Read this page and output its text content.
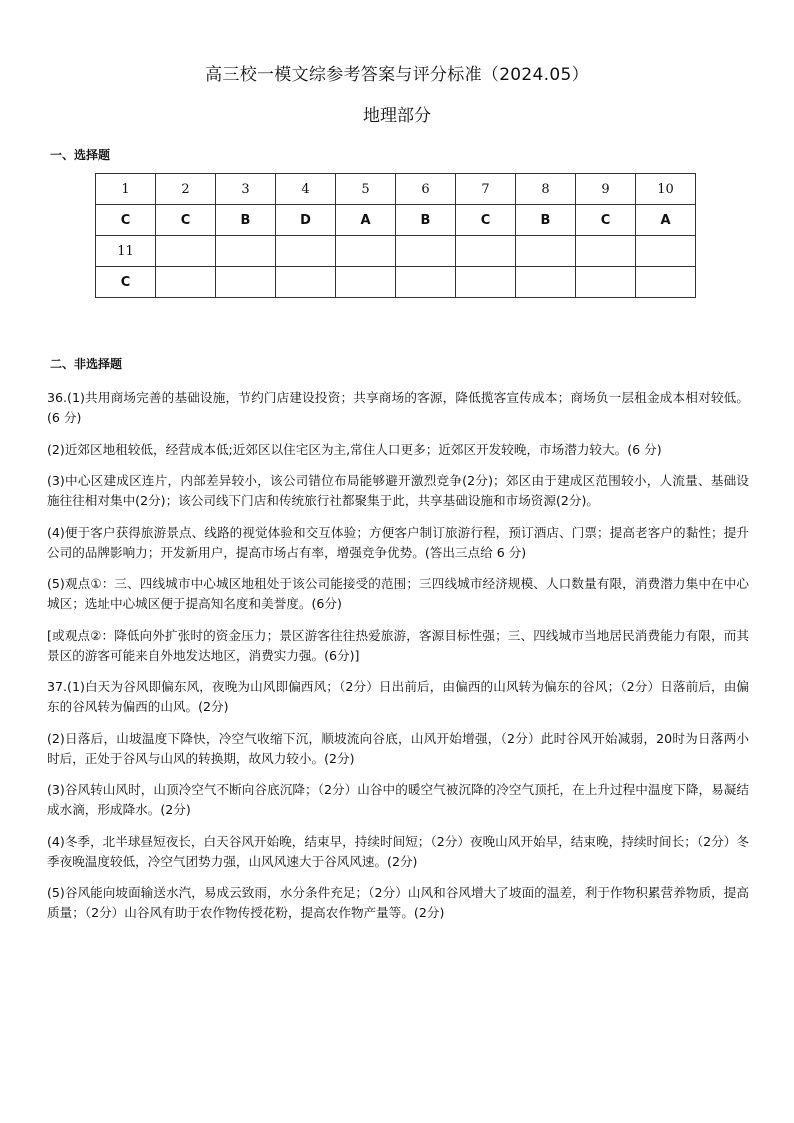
高三校一模文综参考答案与评分标准（2024.05）
地理部分
一、选择题
1	2	3	4	5	6	7	8	9	10
C	C	B	D	A	B	C	B	C	A
11									
C									
二、非选择题

36.(1)共用商场完善的基础设施，节约门店建设投资；共享商场的客源，降低揽客宣传成本；商场负一层租金成本相对较低。(6 分)

(2)近郊区地租较低，经营成本低;近郊区以住宅区为主,常住人口更多；近郊区开发较晚，市场潜力较大。(6 分)

(3)中心区建成区连片，内部差异较小，该公司错位布局能够避开激烈竞争(2分)；郊区由于建成区范围较小，人流量、基础设施往往相对集中(2分)；该公司线下门店和传统旅行社都聚集于此，共享基础设施和市场资源(2分)。

(4)便于客户获得旅游景点、线路的视觉体验和交互体验；方便客户制订旅游行程，预订酒店、门票；提高老客户的黏性；提升公司的品牌影响力；开发新用户，提高市场占有率，增强竞争优势。(答出三点给 6 分)

(5)观点①：三、四线城市中心城区地租处于该公司能接受的范围；三四线城市经济规模、人口数量有限，消费潜力集中在中心城区；选址中心城区便于提高知名度和美誉度。(6分)

[或观点②：降低向外扩张时的资金压力；景区游客往往热爱旅游，客源目标性强；三、四线城市当地居民消费能力有限，而其景区的游客可能来自外地发达地区，消费实力强。(6分)]

37.(1)白天为谷风即偏东风，夜晚为山风即偏西风；（2分）日出前后，由偏西的山风转为偏东的谷风；（2分）日落前后，由偏东的谷风转为偏西的山风。(2分)

(2)日落后，山坡温度下降快，冷空气收缩下沉，顺坡流向谷底，山风开始增强，（2分）此时谷风开始减弱，20时为日落两小时后，正处于谷风与山风的转换期，故风力较小。(2分)

(3)谷风转山风时，山顶冷空气不断向谷底沉降；（2分）山谷中的暖空气被沉降的冷空气顶托，在上升过程中温度下降，易凝结成水滴，形成降水。(2分)

(4)冬季，北半球昼短夜长，白天谷风开始晚，结束早，持续时间短；（2分）夜晚山风开始早，结束晚，持续时间长；（2分）冬季夜晚温度较低，冷空气团势力强，山风风速大于谷风风速。(2分)

(5)谷风能向坡面输送水汽，易成云致雨，水分条件充足；（2分）山风和谷风增大了坡面的温差，利于作物积累营养物质，提高质量；（2分）山谷风有助于农作物传授花粉，提高农作物产量等。(2分)
